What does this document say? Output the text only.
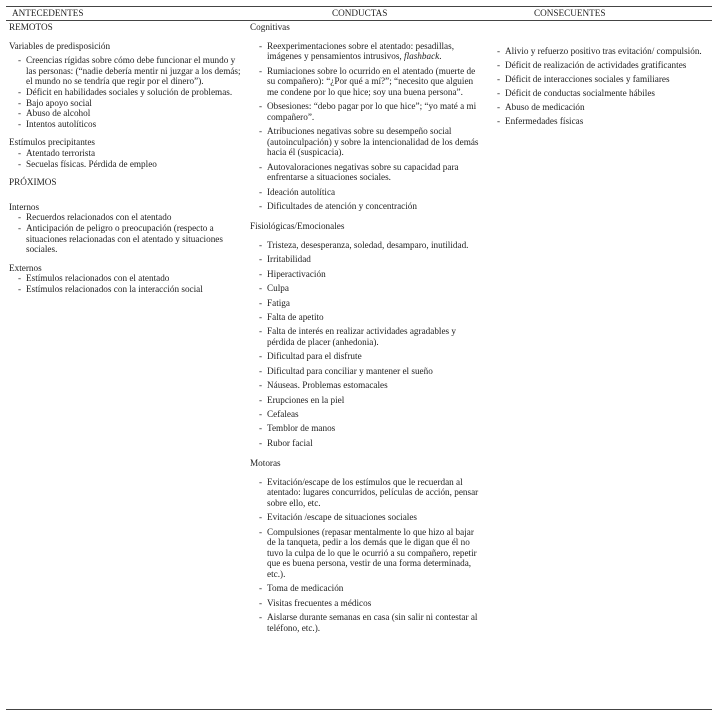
ANTECEDENTES	CONDUCTAS	CONSECUENTES
REMOTOS
Variables de predisposición
- Creencias rígidas sobre cómo debe funcionar el mundo y las personas: (“nadie debería mentir ni juzgar a los demás; el mundo no se tendría que regir por el dinero”).
- Déficit en habilidades sociales y solución de problemas.
- Bajo apoyo social
- Abuso de alcohol
- Intentos autolíticos
Estímulos precipitantes
- Atentado terrorista
- Secuelas físicas. Pérdida de empleo
PRÓXIMOS
Internos
- Recuerdos relacionados con el atentado
- Anticipación de peligro o preocupación (respecto a situaciones relacionadas con el atentado y situaciones sociales.
Externos
- Estímulos relacionados con el atentado
- Estímulos relacionados con la interacción social
Cognitivas
- Reexperimentaciones sobre el atentado: pesadillas, imágenes y pensamientos intrusivos, flashback.
- Rumiaciones sobre lo ocurrido en el atentado (muerte de su compañero): “¿Por qué a mí?”; “necesito que alguien me condene por lo que hice; soy una buena persona”.
- Obsesiones: “debo pagar por lo que hice”; “yo maté a mi compañero”.
- Atribuciones negativas sobre su desempeño social (autoinculpación) y sobre la intencionalidad de los demás hacia él (suspicacia).
- Autovaloraciones negativas sobre su capacidad para enfrentarse a situaciones sociales.
- Ideación autolítica
- Dificultades de atención y concentración
Fisiológicas/Emocionales
- Tristeza, desesperanza, soledad, desamparo, inutilidad.
- Irritabilidad
- Hiperactivación
- Culpa
- Fatiga
- Falta de apetito
- Falta de interés en realizar actividades agradables y pérdida de placer (anhedonia).
- Dificultad para el disfrute
- Dificultad para conciliar y mantener el sueño
- Náuseas. Problemas estomacales
- Erupciones en la piel
- Cefaleas
- Temblor de manos
- Rubor facial
Motoras
- Evitación/escape de los estímulos que le recuerdan al atentado: lugares concurridos, películas de acción, pensar sobre ello, etc.
- Evitación /escape de situaciones sociales
- Compulsiones (repasar mentalmente lo que hizo al bajar de la tanqueta, pedir a los demás que le digan que él no tuvo la culpa de lo que le ocurrió a su compañero, repetir que es buena persona, vestir de una forma determinada, etc.).
- Toma de medicación
- Visitas frecuentes a médicos
- Aislarse durante semanas en casa (sin salir ni contestar al teléfono, etc.).
- Alivio y refuerzo positivo tras evitación/ compulsión.
- Déficit de realización de actividades gratificantes
- Déficit de interacciones sociales y familiares
- Déficit de conductas socialmente hábiles
- Abuso de medicación
- Enfermedades físicas
